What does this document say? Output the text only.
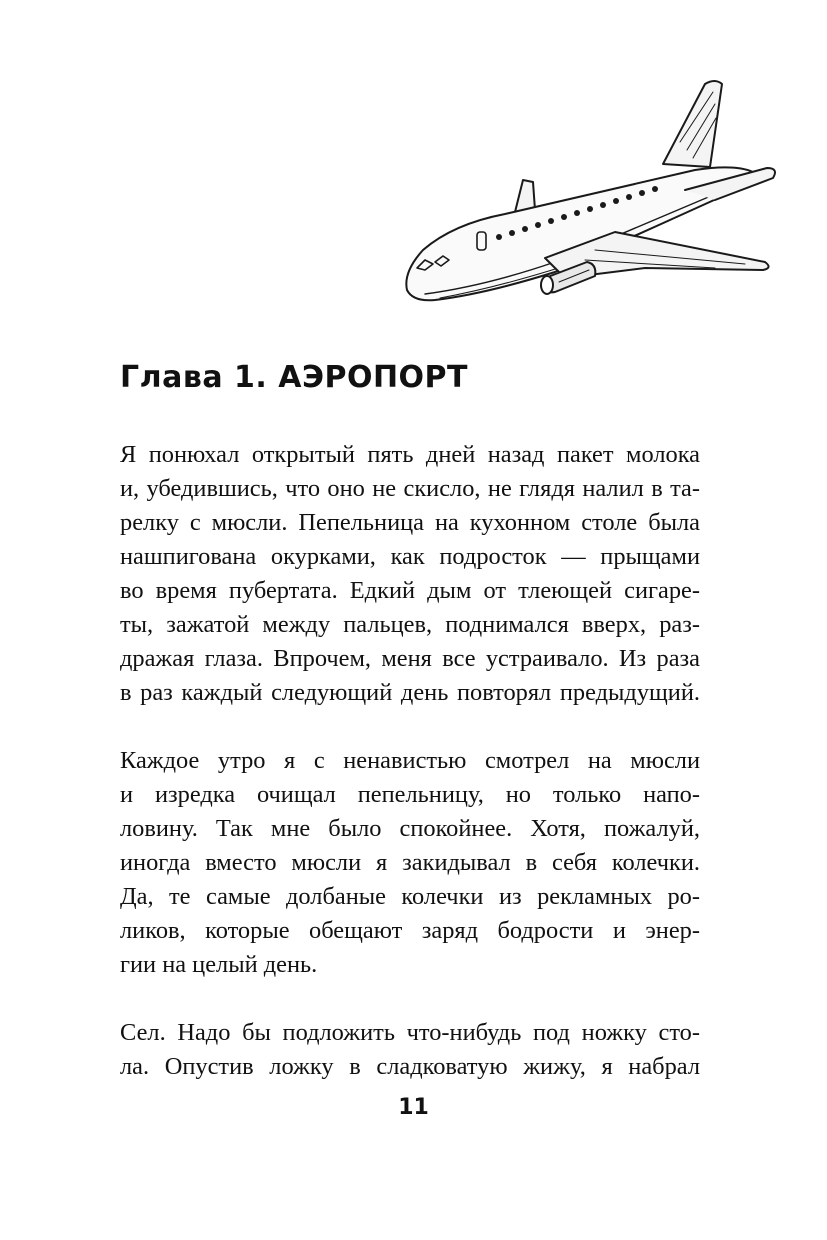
Глава 1. АЭРОПОРТ
Я понюхал открытый пять дней назад пакет молока
и, убедившись, что оно не скисло, не глядя налил в та-
релку с мюсли. Пепельница на кухонном столе была
нашпигована окурками, как подросток — прыщами
во время пубертата. Едкий дым от тлеющей сигаре-
ты, зажатой между пальцев, поднимался вверх, раз-
дражая глаза. Впрочем, меня все устраивало. Из раза
в раз каждый следующий день повторял предыдущий.
Каждое утро я с ненавистью смотрел на мюсли
и изредка очищал пепельницу, но только напо-
ловину. Так мне было спокойнее. Хотя, пожалуй,
иногда вместо мюсли я закидывал в себя колечки.
Да, те самые долбаные колечки из рекламных ро-
ликов, которые обещают заряд бодрости и энер-
гии на целый день.
Сел. Надо бы подложить что-нибудь под ножку сто-
ла. Опустив ложку в сладковатую жижу, я набрал
11
